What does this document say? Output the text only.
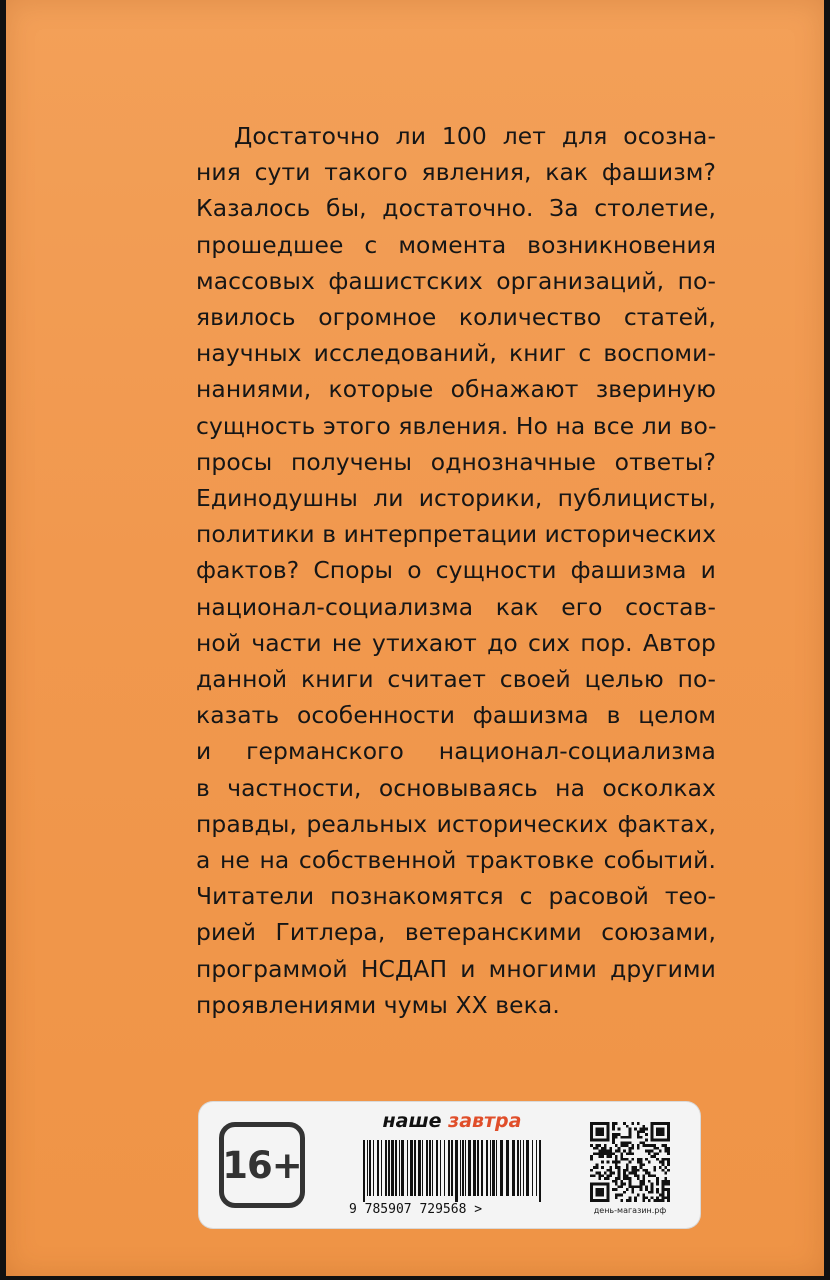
Достаточно ли 100 лет для осозна-
ния сути такого явления, как фашизм?
Казалось бы, достаточно. За столетие,
прошедшее с момента возникновения
массовых фашистских организаций, по-
явилось огромное количество статей,
научных исследований, книг с воспоми-
наниями, которые обнажают звериную
сущность этого явления. Но на все ли во-
просы получены однозначные ответы?
Единодушны ли историки, публицисты,
политики в интерпретации исторических
фактов? Споры о сущности фашизма и
национал-социализма как его состав-
ной части не утихают до сих пор. Автор
данной книги считает своей целью по-
казать особенности фашизма в целом
и германского национал-социализма
в частности, основываясь на осколках
правды, реальных исторических фактах,
а не на собственной трактовке событий.
Читатели познакомятся с расовой тео-
рией Гитлера, ветеранскими союзами,
программой НСДАП и многими другими
проявлениями чумы XX века.
16+
наше завтра
9 785907 729568 >	день-магазин.рф
